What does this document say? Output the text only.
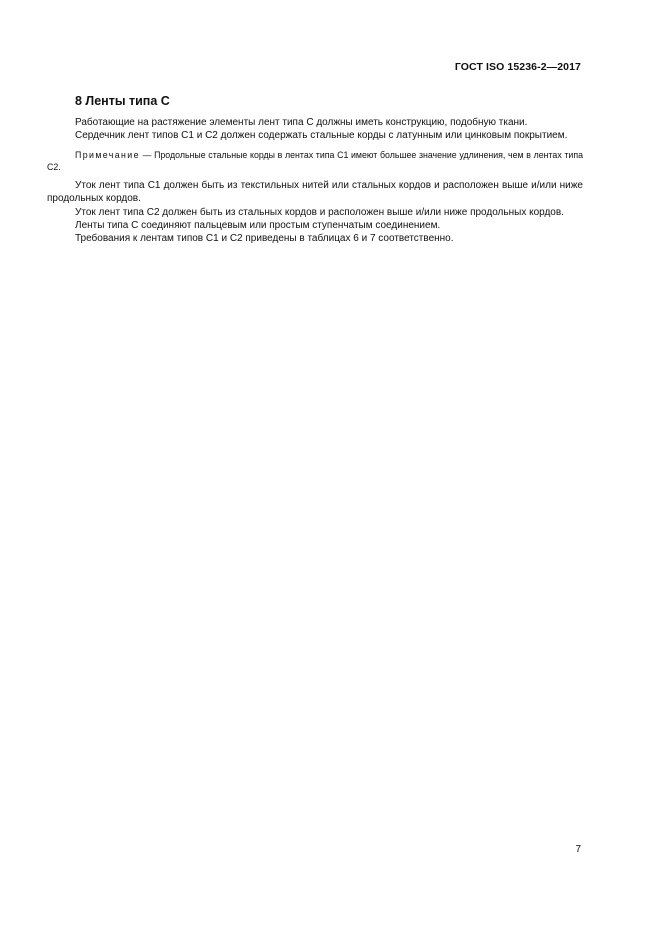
ГОСТ ISO 15236-2—2017
8 Ленты типа С

Работающие на растяжение элементы лент типа С должны иметь конструкцию, подобную ткани.

Сердечник лент типов С1 и С2 должен содержать стальные корды с латунным или цинковым покрытием.

Примечание — Продольные стальные корды в лентах типа С1 имеют большее значение удлинения, чем в лентах типа С2.

Уток лент типа С1 должен быть из текстильных нитей или стальных кордов и расположен выше и/или ниже продольных кордов.

Уток лент типа С2 должен быть из стальных кордов и расположен выше и/или ниже продольных кордов.

Ленты типа С соединяют пальцевым или простым ступенчатым соединением.

Требования к лентам типов С1 и С2 приведены в таблицах 6 и 7 соответственно.

7
